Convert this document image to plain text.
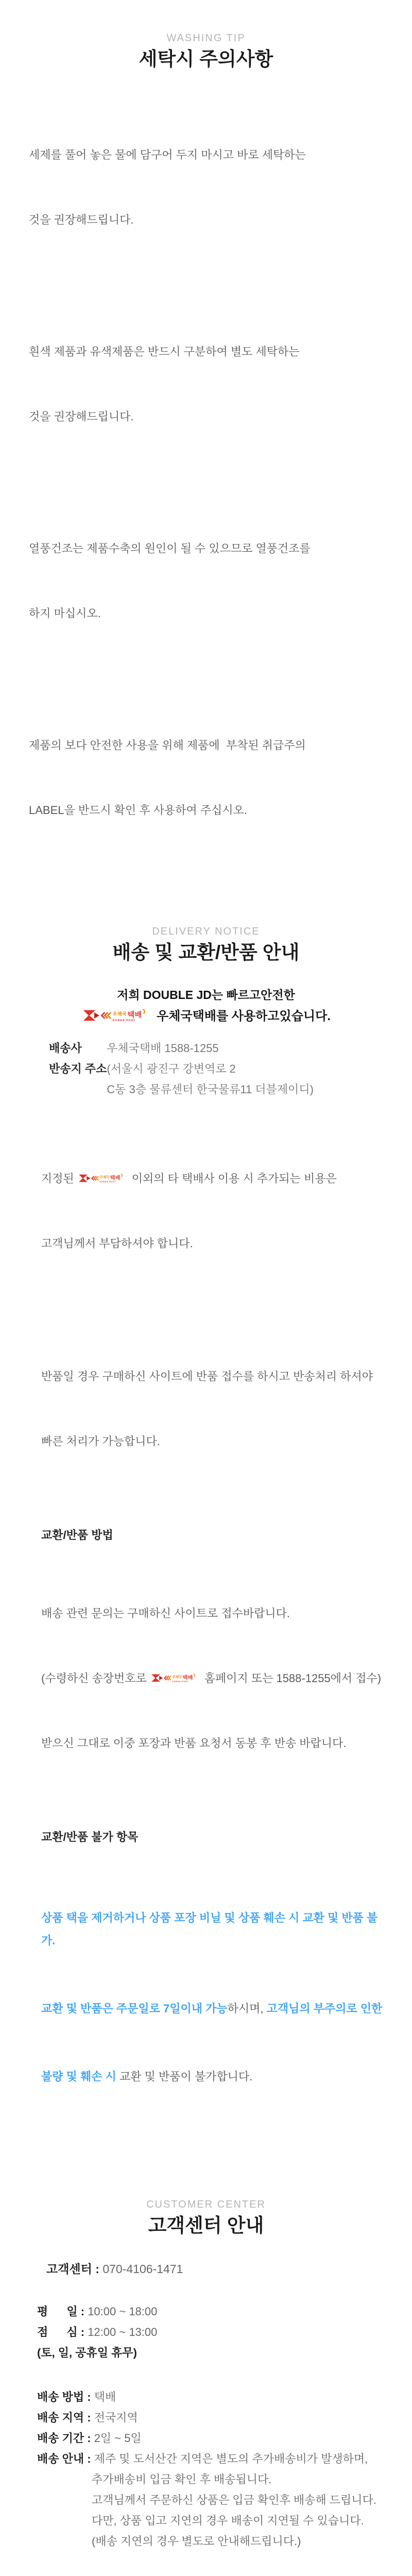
WASHING TIP
세탁시 주의사항

세제를 풀어 놓은 물에 담구어 두지 마시고 바로 세탁하는

것을 권장해드립니다.

흰색 제품과 유색제품은 반드시 구분하여 별도 세탁하는

것을 권장해드립니다.

열풍건조는 제품수축의 원인이 될 수 있으므로 열풍건조를

하지 마십시오.

제품의 보다 안전한 사용을 위해 제품에  부착된 취급주의

LABEL을 반드시 확인 후 사용하여 주십시오.

DELIVERY NOTICE
배송 및 교환/반품 안내
저희 DOUBLE JD는 빠르고안전한
우체국 택배
KOREA POST 우체국택배를 사용하고있습니다.
배송사 우체국택배 1588-1255
반송지 주소 (서울시 광진구 강변역로 2
C동 3층 물류센터 한국물류11 더블제이디)

지정된	우체국 택배
KOREA POST 이외의 타 택배사 이용 시 추가되는 비용은

고객님께서 부담하셔야 합니다.

반품일 경우 구매하신 사이트에 반품 접수를 하시고 반송처리 하셔야

빠른 처리가 가능합니다.

교환/반품 방법

배송 관련 문의는 구매하신 사이트로 접수바랍니다.

(수령하신 송장번호로	우체국 택배
KOREA POST 홈페이지 또는 1588-1255에서 접수)

받으신 그대로 이중 포장과 반품 요청서 동봉 후 반송 바랍니다.

교환/반품 불가 항목

상품 택을 제거하거나 상품 포장 비닐 및 상품 훼손 시 교환 및 반품 불가.

교환 및 반품은 주문일로 7일이내 가능하시며, 고객님의 부주의로 인한

불량 및 훼손 시 교환 및 반품이 불가합니다.

CUSTOMER CENTER
고객센터 안내
고객센터 : 070-4106-1471
평 일 : 10:00 ~ 18:00
점 심 : 12:00 ~ 13:00
(토, 일, 공휴일 휴무)
배송 방법 : 택배
배송 지역 : 전국지역
배송 기간 : 2일 ~ 5일
배송 안내 : 제주 및 도서산간 지역은 별도의 추가배송비가 발생하며,
추가배송비 입금 확인 후 배송됩니다.
고객님께서 주문하신 상품은 입금 확인후 배송해 드립니다.
다만, 상품 입고 지연의 경우 배송이 지연될 수 있습니다.
(배송 지연의 경우 별도로 안내해드립니다.)
